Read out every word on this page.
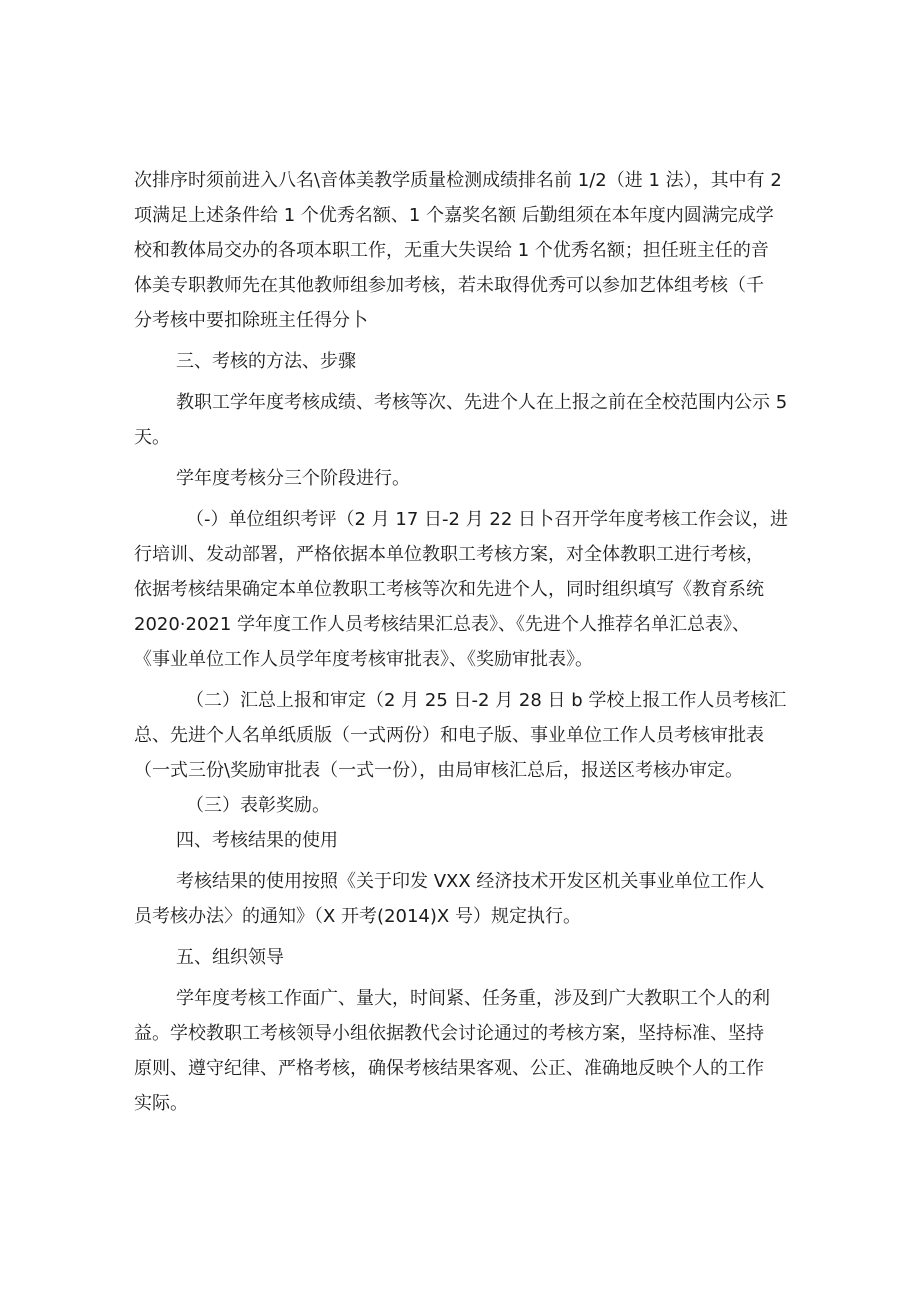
次排序时须前进入八名\音体美教学质量检测成绩排名前 1/2（进 1 法），其中有 2
项满足上述条件给 1 个优秀名额、1 个嘉奖名额 后勤组须在本年度内圆满完成学
校和教体局交办的各项本职工作，无重大失误给 1 个优秀名额；担任班主任的音
体美专职教师先在其他教师组参加考核，若未取得优秀可以参加艺体组考核（千
分考核中要扣除班主任得分卜
三、考核的方法、步骤
教职工学年度考核成绩、考核等次、先进个人在上报之前在全校范围内公示 5
天。
学年度考核分三个阶段进行。
（-）单位组织考评（2 月 17 日-2 月 22 日卜召开学年度考核工作会议，进
行培训、发动部署，严格依据本单位教职工考核方案，对全体教职工进行考核，
依据考核结果确定本单位教职工考核等次和先进个人，同时组织填写《教育系统
2020·2021 学年度工作人员考核结果汇总表》、《先进个人推荐名单汇总表》、
《事业单位工作人员学年度考核审批表》、《奖励审批表》。
（二）汇总上报和审定（2 月 25 日-2 月 28 日 b 学校上报工作人员考核汇
总、先进个人名单纸质版（一式两份）和电子版、事业单位工作人员考核审批表
（一式三份\奖励审批表（一式一份），由局审核汇总后，报送区考核办审定。
（三）表彰奖励。
四、考核结果的使用
考核结果的使用按照《关于印发 VXX 经济技术开发区机关事业单位工作人
员考核办法〉的通知》（X 开考(2014)X 号）规定执行。
五、组织领导
学年度考核工作面广、量大，时间紧、任务重，涉及到广大教职工个人的利
益。学校教职工考核领导小组依据教代会讨论通过的考核方案，坚持标准、坚持
原则、遵守纪律、严格考核，确保考核结果客观、公正、准确地反映个人的工作
实际。
